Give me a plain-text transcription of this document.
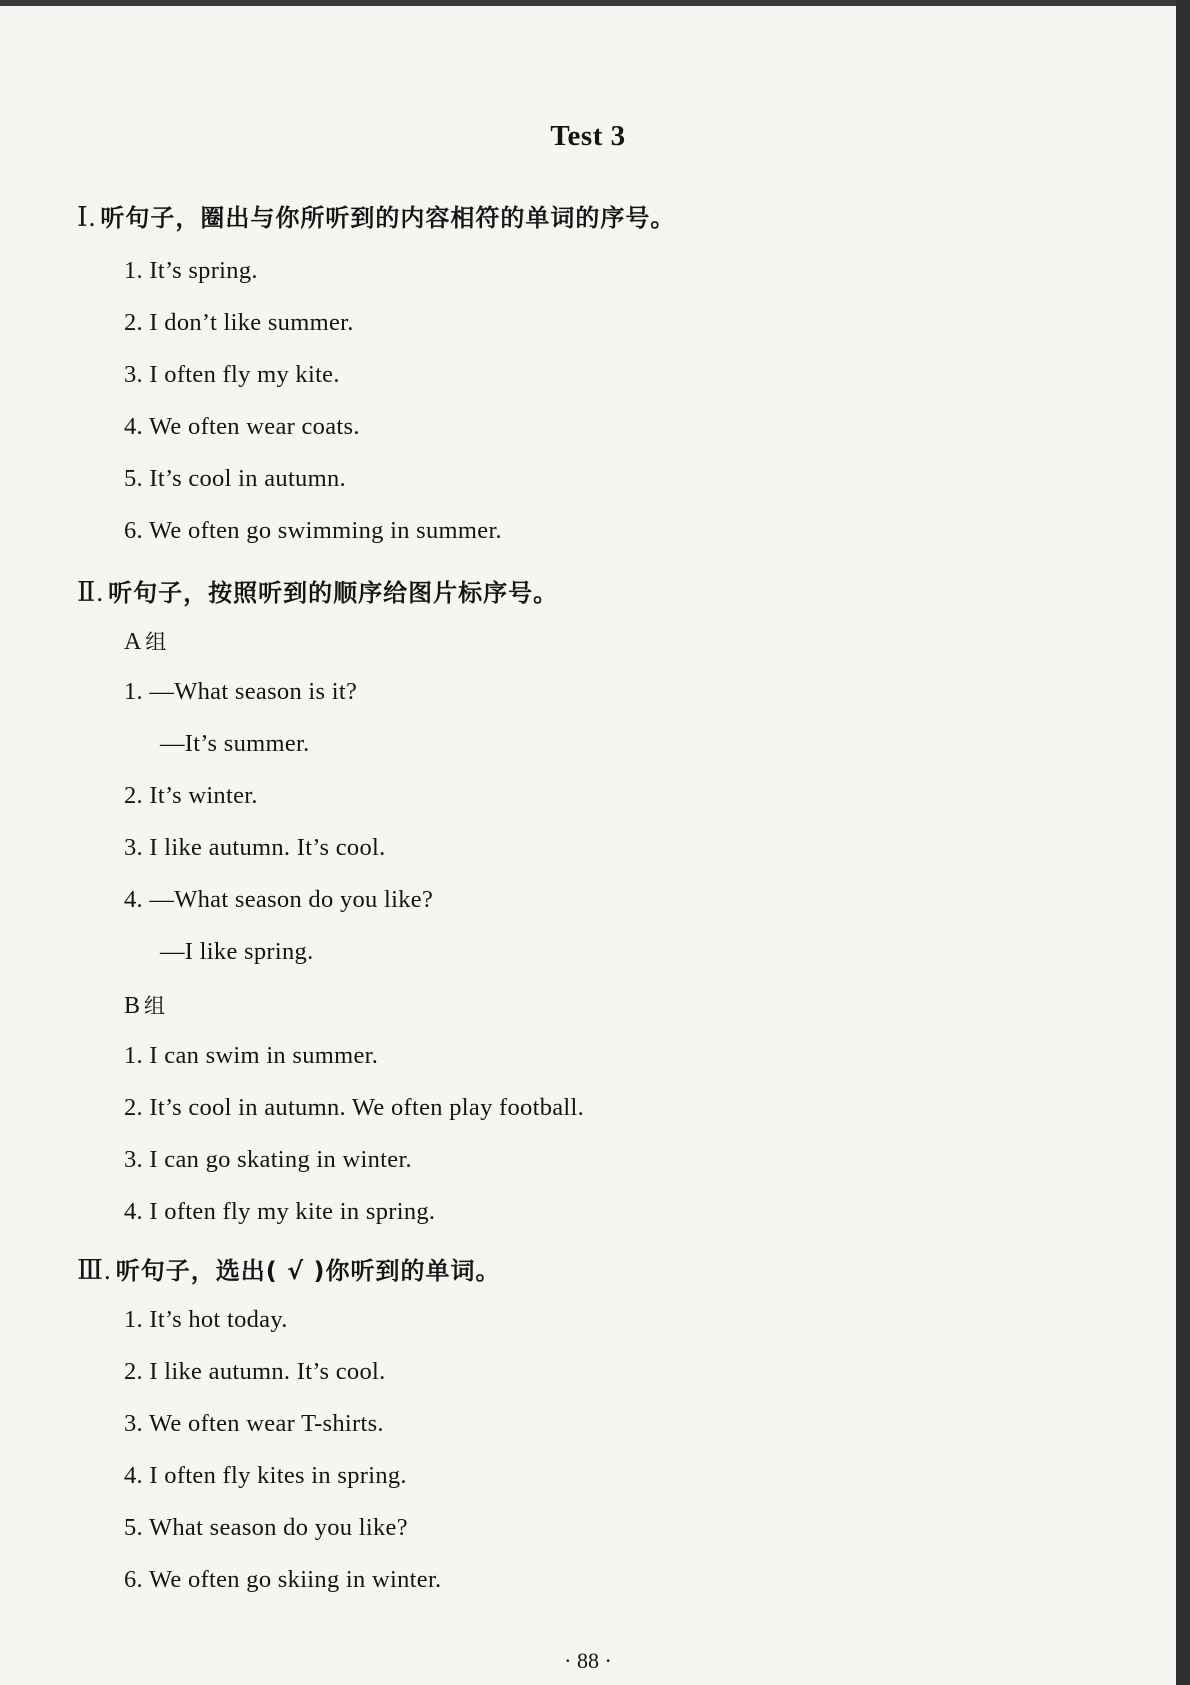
Test 3
Ⅰ. 听句子，圈出与你所听到的内容相符的单词的序号。
1. It’s spring.
2. I don’t like summer.
3. I often fly my kite.
4. We often wear coats.
5. It’s cool in autumn.
6. We often go swimming in summer.
Ⅱ. 听句子，按照听到的顺序给图片标序号。
A 组
1. —What season is it?
—It’s summer.
2. It’s winter.
3. I like autumn. It’s cool.
4. —What season do you like?
—I like spring.
B 组
1. I can swim in summer.
2. It’s cool in autumn. We often play football.
3. I can go skating in winter.
4. I often fly my kite in spring.
Ⅲ. 听句子，选出( √ )你听到的单词。
1. It’s hot today.
2. I like autumn. It’s cool.
3. We often wear T-shirts.
4. I often fly kites in spring.
5. What season do you like?
6. We often go skiing in winter.
· 88 ·
